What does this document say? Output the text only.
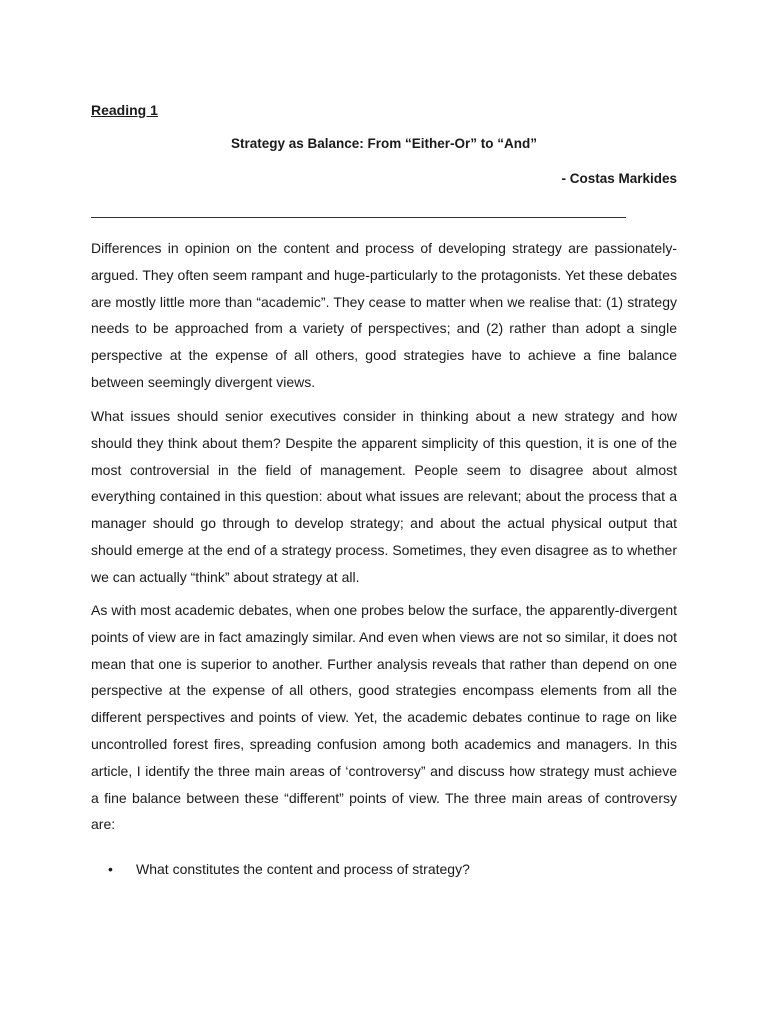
Reading 1
Strategy as Balance: From “Either-Or” to “And”
- Costas Markides

Differences in opinion on the content and process of developing strategy are passionately-argued. They often seem rampant and huge-particularly to the protagonists. Yet these debates are mostly little more than “academic”. They cease to matter when we realise that: (1) strategy needs to be approached from a variety of perspectives; and (2) rather than adopt a single perspective at the expense of all others, good strategies have to achieve a fine balance between seemingly divergent views.

What issues should senior executives consider in thinking about a new strategy and how should they think about them? Despite the apparent simplicity of this question, it is one of the most controversial in the field of management. People seem to disagree about almost everything contained in this question: about what issues are relevant; about the process that a manager should go through to develop strategy; and about the actual physical output that should emerge at the end of a strategy process. Sometimes, they even disagree as to whether we can actually “think” about strategy at all.

As with most academic debates, when one probes below the surface, the apparently-divergent points of view are in fact amazingly similar. And even when views are not so similar, it does not mean that one is superior to another. Further analysis reveals that rather than depend on one perspective at the expense of all others, good strategies encompass elements from all the different perspectives and points of view. Yet, the academic debates continue to rage on like uncontrolled forest fires, spreading confusion among both academics and managers. In this article, I identify the three main areas of ‘controversy” and discuss how strategy must achieve a fine balance between these “different” points of view. The three main areas of controversy are:

• What constitutes the content and process of strategy?
